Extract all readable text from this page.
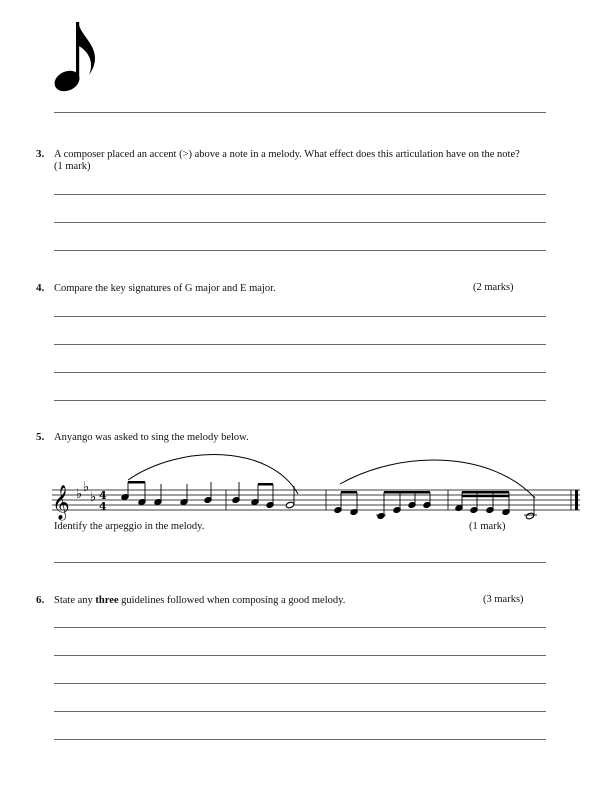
3. A composer placed an accent (>) above a note in a melody. What effect does this articulation have on the note?
(1 mark)
4. Compare the key signatures of G major and E major.	(2 marks)
5. Anyango was asked to sing the melody below.
𝄞 ♭ ♭
♭ 4
4
Identify the arpeggio in the melody.	(1 mark)
6. State any three guidelines followed when composing a good melody.	(3 marks)
